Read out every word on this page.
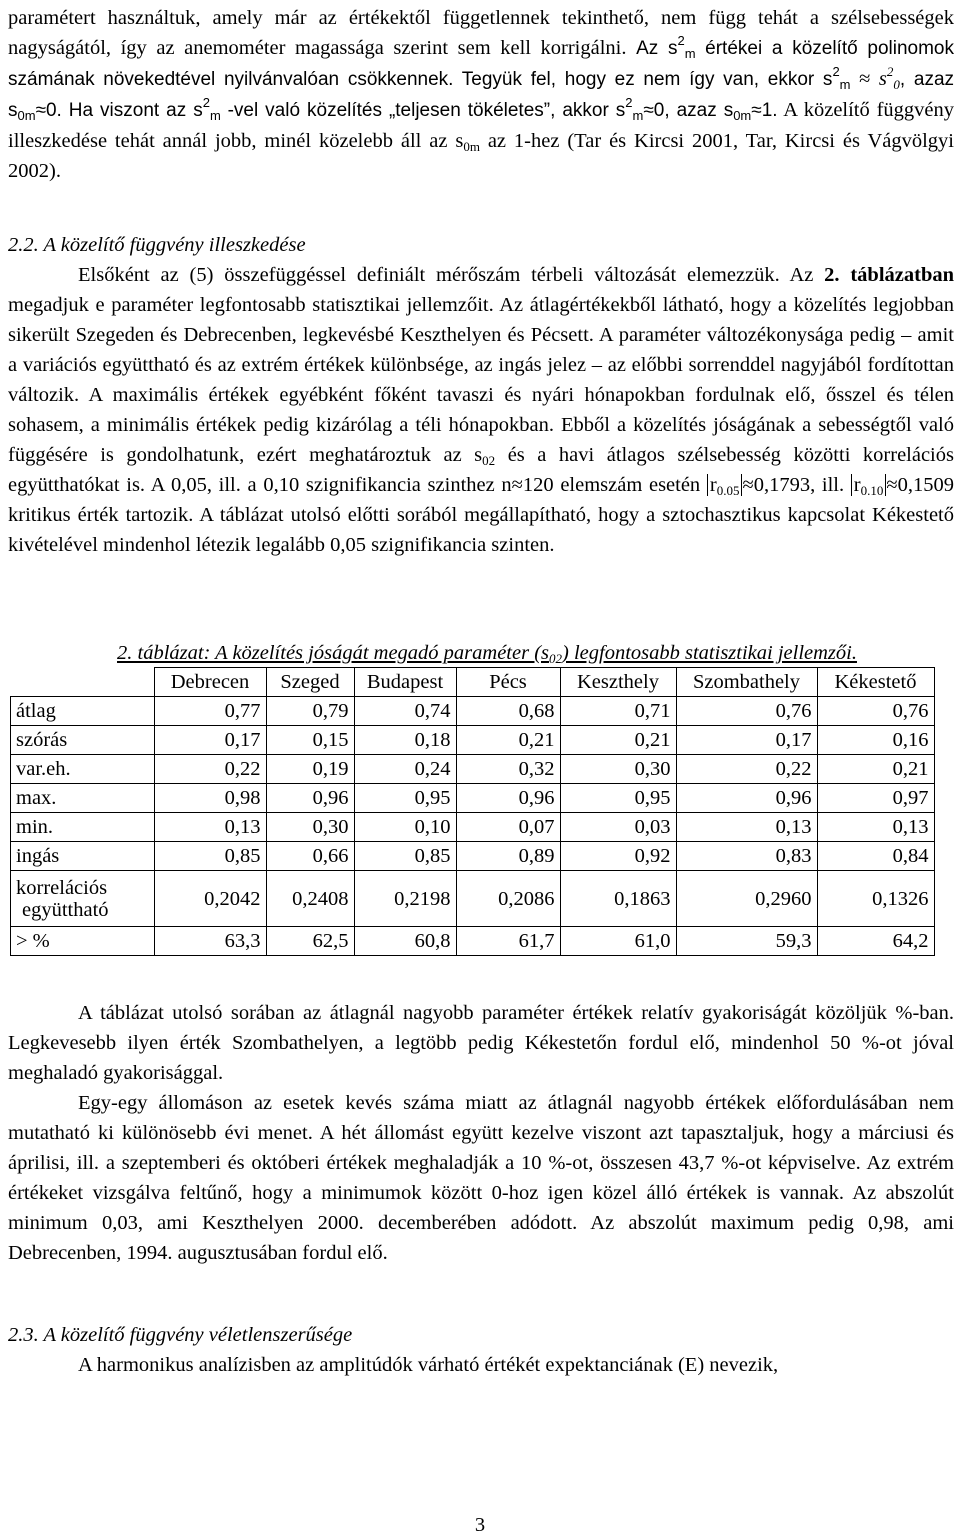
paramétert használtuk, amely már az értékektől függetlennek tekinthető, nem függ tehát a szélsebességek nagyságától, így az anemométer magassága szerint sem kell korrigálni. Az $s^2_m$ értékei a közelítő polinomok számának növekedtével nyilvánvalóan csökkennek. Tegyük fel, hogy ez nem így van, ekkor $s^2_m \approx s^2_0$, azaz $s_{0m}\approx 0$. Ha viszont az $s^2_m$ -vel való közelítés „teljesen tökéletes”, akkor $s^2_m\approx 0$, azaz $s_{0m}\approx 1$. A közelítő függvény illeszkedése tehát annál jobb, minél közelebb áll az $s_{0m}$ az 1-hez (Tar és Kircsi 2001, Tar, Kircsi és Vágvölgyi 2002).

2.2. A közelítő függvény illeszkedése

Elsőként az (5) összefüggéssel definiált mérőszám térbeli változását elemezzük. Az 2. táblázatban megadjuk e paraméter legfontosabb statisztikai jellemzőit. Az átlagértékekből látható, hogy a közelítés legjobban sikerült Szegeden és Debrecenben, legkevésbé Keszthelyen és Pécsett. A paraméter változékonysága pedig – amit a variációs együttható és az extrém értékek különbsége, az ingás jelez – az előbbi sorrenddel nagyjából fordítottan változik. A maximális értékek egyébként főként tavaszi és nyári hónapokban fordulnak elő, ősszel és télen sohasem, a minimális értékek pedig kizárólag a téli hónapokban. Ebből a közelítés jóságának a sebességtől való függésére is gondolhatunk, ezért meghatároztuk az $s_{02}$ és a havi átlagos szélsebesség közötti korrelációs együtthatókat is. A 0,05, ill. a 0,10 szignifikancia szinthez n≈120 elemszám esetén $r_{0.05} \approx 0,1793$, ill. $r_{0.10} \approx 0,1509$ kritikus érték tartozik. A táblázat utolsó előtti sorából megállapítható, hogy a sztochasztikus kapcsolat Kékestető kivételével mindenhol létezik legalább 0,05 szignifikancia szinten.

2. táblázat: A közelítés jóságát megadó paraméter $(s_{02})$ legfontosabb statisztikai jellemzői.
	Debrecen	Szeged	Budapest	Pécs	Keszthely	Szombathely	Kékestető
átlag	0,77	0,79	0,74	0,68	0,71	0,76	0,76
szórás	0,17	0,15	0,18	0,21	0,21	0,17	0,16
var.eh.	0,22	0,19	0,24	0,32	0,30	0,22	0,21
max.	0,98	0,96	0,95	0,96	0,95	0,96	0,97
min.	0,13	0,30	0,10	0,07	0,03	0,13	0,13
ingás	0,85	0,66	0,85	0,89	0,92	0,83	0,84

korrelációs
együttható	0,2042	0,2408	0,2198	0,2086	0,1863	0,2960	0,1326
> %	63,3	62,5	60,8	61,7	61,0	59,3	64,2

A táblázat utolsó sorában az átlagnál nagyobb paraméter értékek relatív gyakoriságát közöljük %-ban. Legkevesebb ilyen érték Szombathelyen, a legtöbb pedig Kékestetőn fordul elő, mindenhol 50 %-ot jóval meghaladó gyakorisággal.

Egy-egy állomáson az esetek kevés száma miatt az átlagnál nagyobb értékek előfordulásában nem mutatható ki különösebb évi menet. A hét állomást együtt kezelve viszont azt tapasztaljuk, hogy a márciusi és áprilisi, ill. a szeptemberi és októberi értékek meghaladják a 10 %-ot, összesen 43,7 %-ot képviselve. Az extrém értékeket vizsgálva feltűnő, hogy a minimumok között 0-hoz igen közel álló értékek is vannak. Az abszolút minimum 0,03, ami Keszthelyen 2000. decemberében adódott. Az abszolút maximum pedig 0,98, ami Debrecenben, 1994. augusztusában fordul elő.

2.3. A közelítő függvény véletlenszerűsége

A harmonikus analízisben az amplitúdók várható értékét expektanciának (E) nevezik,

3
